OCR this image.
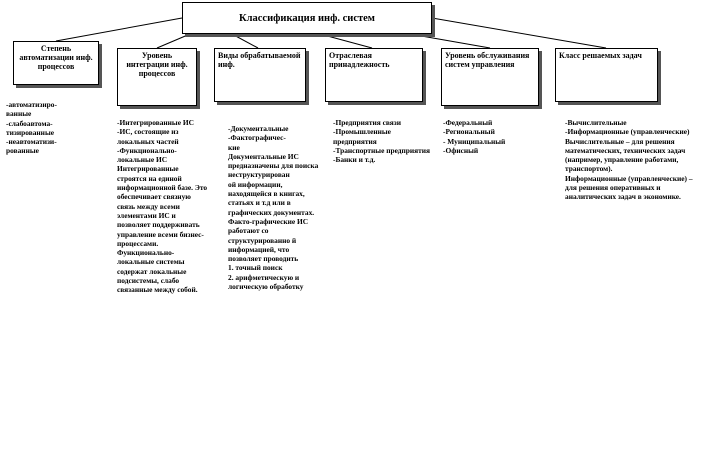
Классификация инф. систем
Степень автоматизации инф. процессов
Уровень интеграции инф. процессов
Виды обрабатываемой инф.
Отраслевая принадлежность
Уровень обслуживания систем управления
Класс решаемых задач
-автоматизиро-
ванные
-слабоавтома-
тизированные
-неавтоматизи-
рованные
-Интегрированные ИС
-ИС, состоящие из локальных частей
-Функционально-локальные ИС
Интегрированные строятся на единой информационной базе. Это обеспечивает связную связь между всеми элементами ИС и позволяет поддерживать управление всеми бизнес-процессами.
Функционально-локальные системы содержат локальные подсистемы, слабо связанные между собой.
-Документальные
-Фактографичес-
кие
Документальные ИС предназначены для поиска неструктурирован
ой информации, находящейся в книгах, статьях и т.д или в графических документах. Факто-графические ИС работают со структурированно й информацией, что позволяет проводить
1. точный поиск
2. арифметическую и логическую обработку
-Предприятия связи
-Промышленные предприятия
-Транспортные предприятия
-Банки и т.д.
-Федеральный
-Региональный
- Муниципальный
-Офисный
-Вычислительные
-Информационные (управленческие)
Вычислительные – для решения математических, технических задач (например, управление работами, транспортом).
Информационные (управленческие) – для решения оперативных и аналитических задач в экономике.
